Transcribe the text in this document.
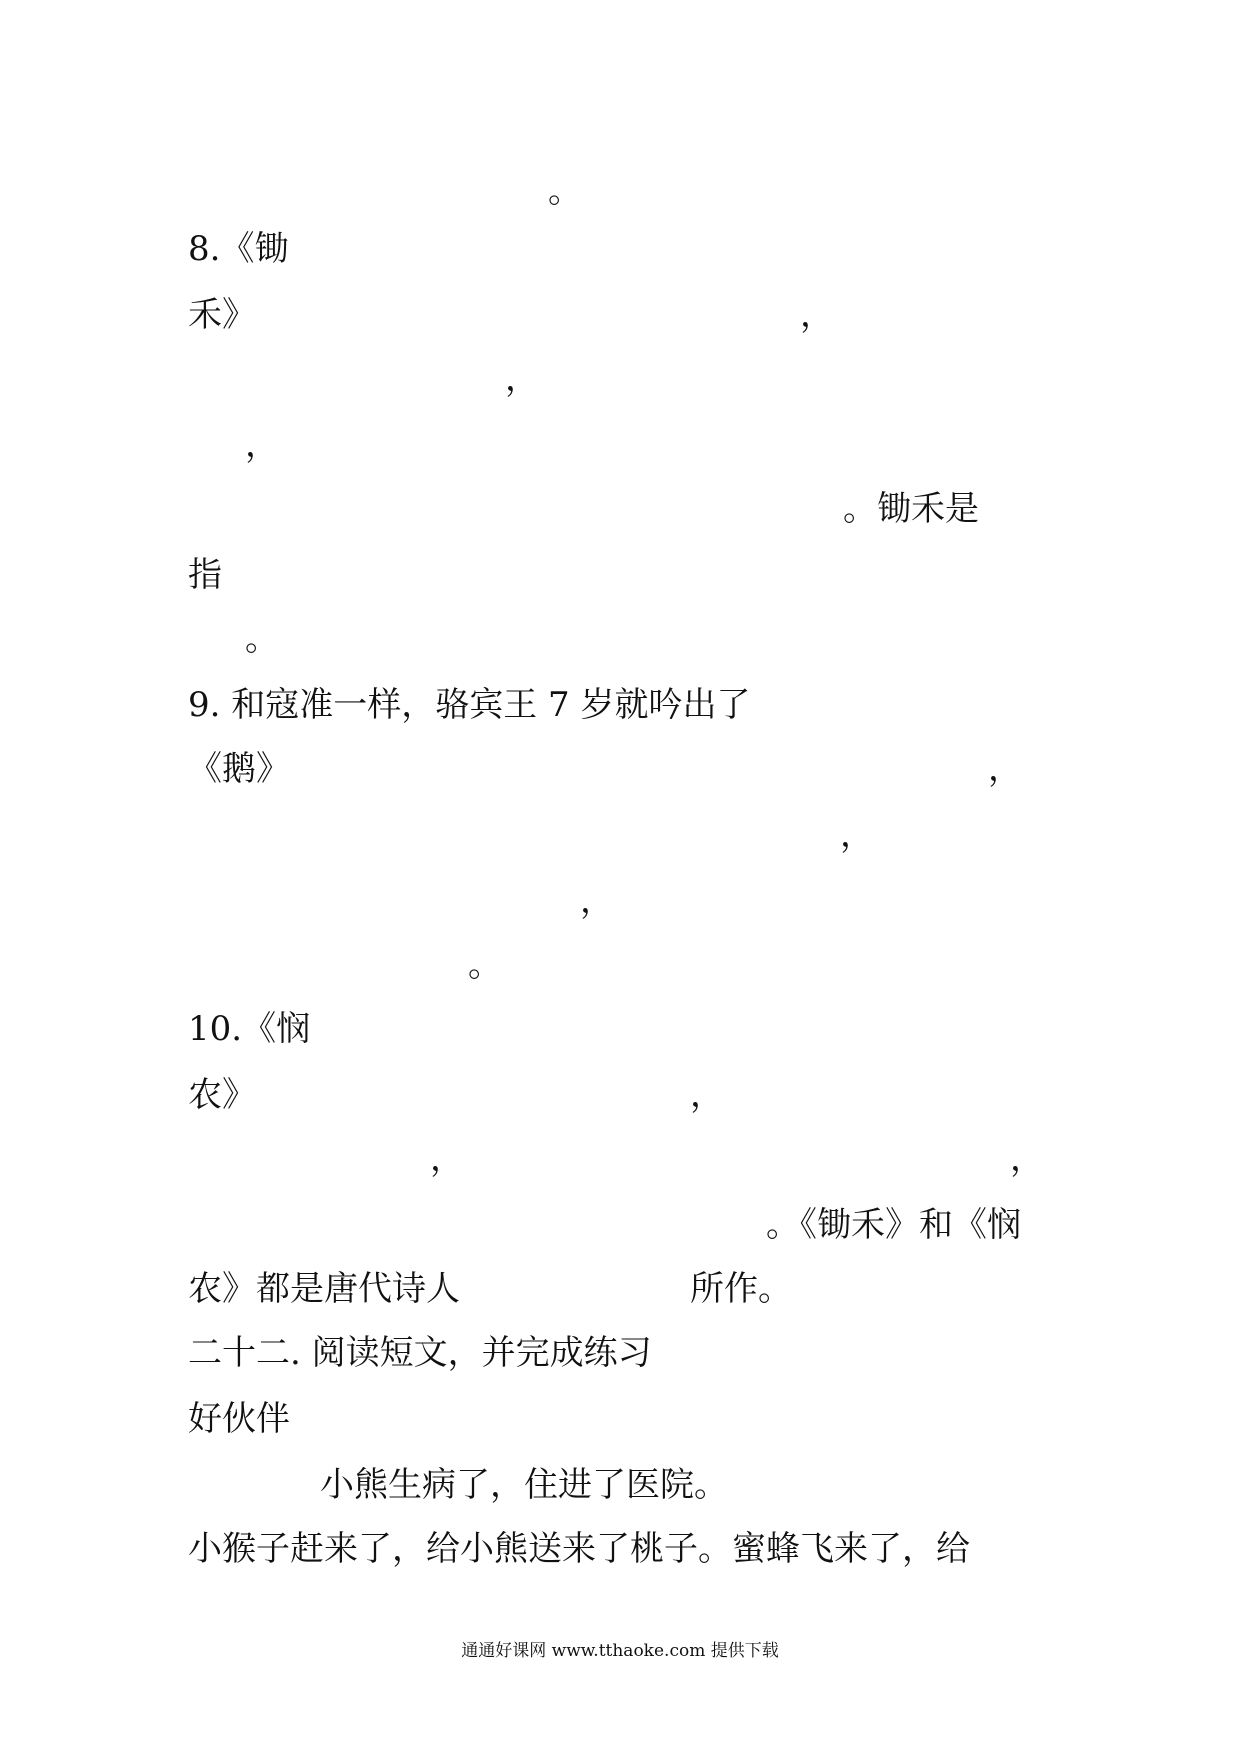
。
8.《锄
禾》	，
，
，
。锄禾是
指
。
9. 和寇准一样，骆宾王 7 岁就吟出了
《鹅》	，
，
，
。
10.《悯
农》	，
，	，
。《锄禾》和《悯
农》都是唐代诗人	所作。
二十二. 阅读短文，并完成练习
好伙伴
小熊生病了，住进了医院。
小猴子赶来了，给小熊送来了桃子。蜜蜂飞来了，给
通通好课网 www.tthaoke.com 提供下载
